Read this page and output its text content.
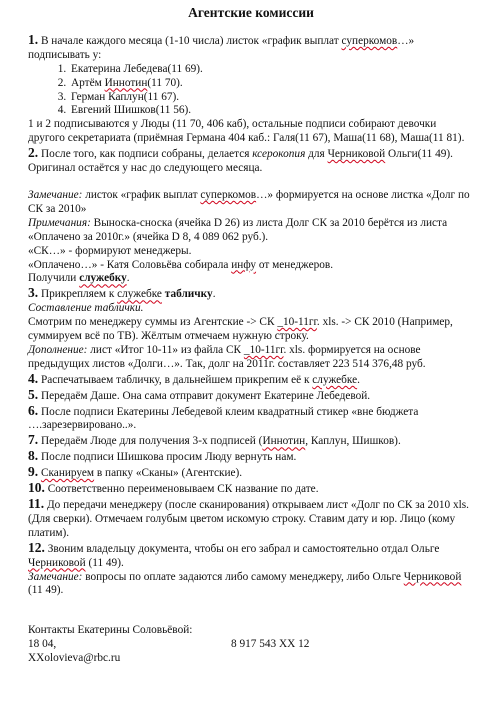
Агентские комиссии

1. В начале каждого месяца (1-10 числа) листок «график выплат суперкомов…» подписывать у:

1. Екатерина Лебедева(11 69).
2. Артём Иннотин(11 70).
3. Герман Каплун(11 67).
4. Евгений Шишков(11 56).

1 и 2 подписываются у Люды (11 70, 406 каб), остальные подписи собирают девочки другого секретариата (приёмная Германа 404 каб.: Галя(11 67), Маша(11 68), Маша(11 81).

2. После того, как подписи собраны, делается ксерокопия для Черниковой Ольги(11 49). Оригинал остаётся у нас до следующего месяца.

Замечание: листок «график выплат суперкомов…» формируется на основе листка «Долг по СК за 2010»

Примечания: Выноска-сноска (ячейка D 26) из листа Долг СК за 2010 берётся из листа «Оплачено за 2010г.» (ячейка D 8, 4 089 062 руб.).

«СК…» - формируют менеджеры.

«Оплачено…» - Катя Соловьёва собирала инфу от менеджеров.

Получили служебку.

3. Прикрепляем к служебке табличку.

Составление таблички.

Смотрим по менеджеру суммы из Агентские -> СК _10-11гг. xls. -> СК 2010 (Например, суммируем всё по ТВ). Жёлтым отмечаем нужную строку.

Дополнение: лист «Итог 10-11» из файла СК _10-11гг. xls. формируется на основе предыдущих листов «Долги…». Так, долг на 2011г. составляет 223 514 376,48 руб.

4. Распечатываем табличку, в дальнейшем прикрепим её к служебке.

5. Передаём Даше. Она сама отправит документ Екатерине Лебедевой.

6. После подписи Екатерины Лебедевой клеим квадратный стикер «вне бюджета ….зарезервировано..».

7. Передаём Люде для получения 3-х подписей (Иннотин, Каплун, Шишков).

8. После подписи Шишкова просим Люду вернуть нам.

9. Сканируем в папку «Сканы» (Агентские).

10. Соответственно переименовываем СК название по дате.

11. До передачи менеджеру (после сканирования) открываем лист «Долг по СК за 2010 xls. (Для сверки). Отмечаем голубым цветом искомую строку. Ставим дату и юр. Лицо (кому платим).

12. Звоним владельцу документа, чтобы он его забрал и самостоятельно отдал Ольге Черниковой (11 49).

Замечание: вопросы по оплате задаются либо самому менеджеру, либо Ольге Черниковой (11 49).

Контакты Екатерины Соловьёвой:

18 04,	8 917 543 XX 12

XXolovieva@rbc.ru
